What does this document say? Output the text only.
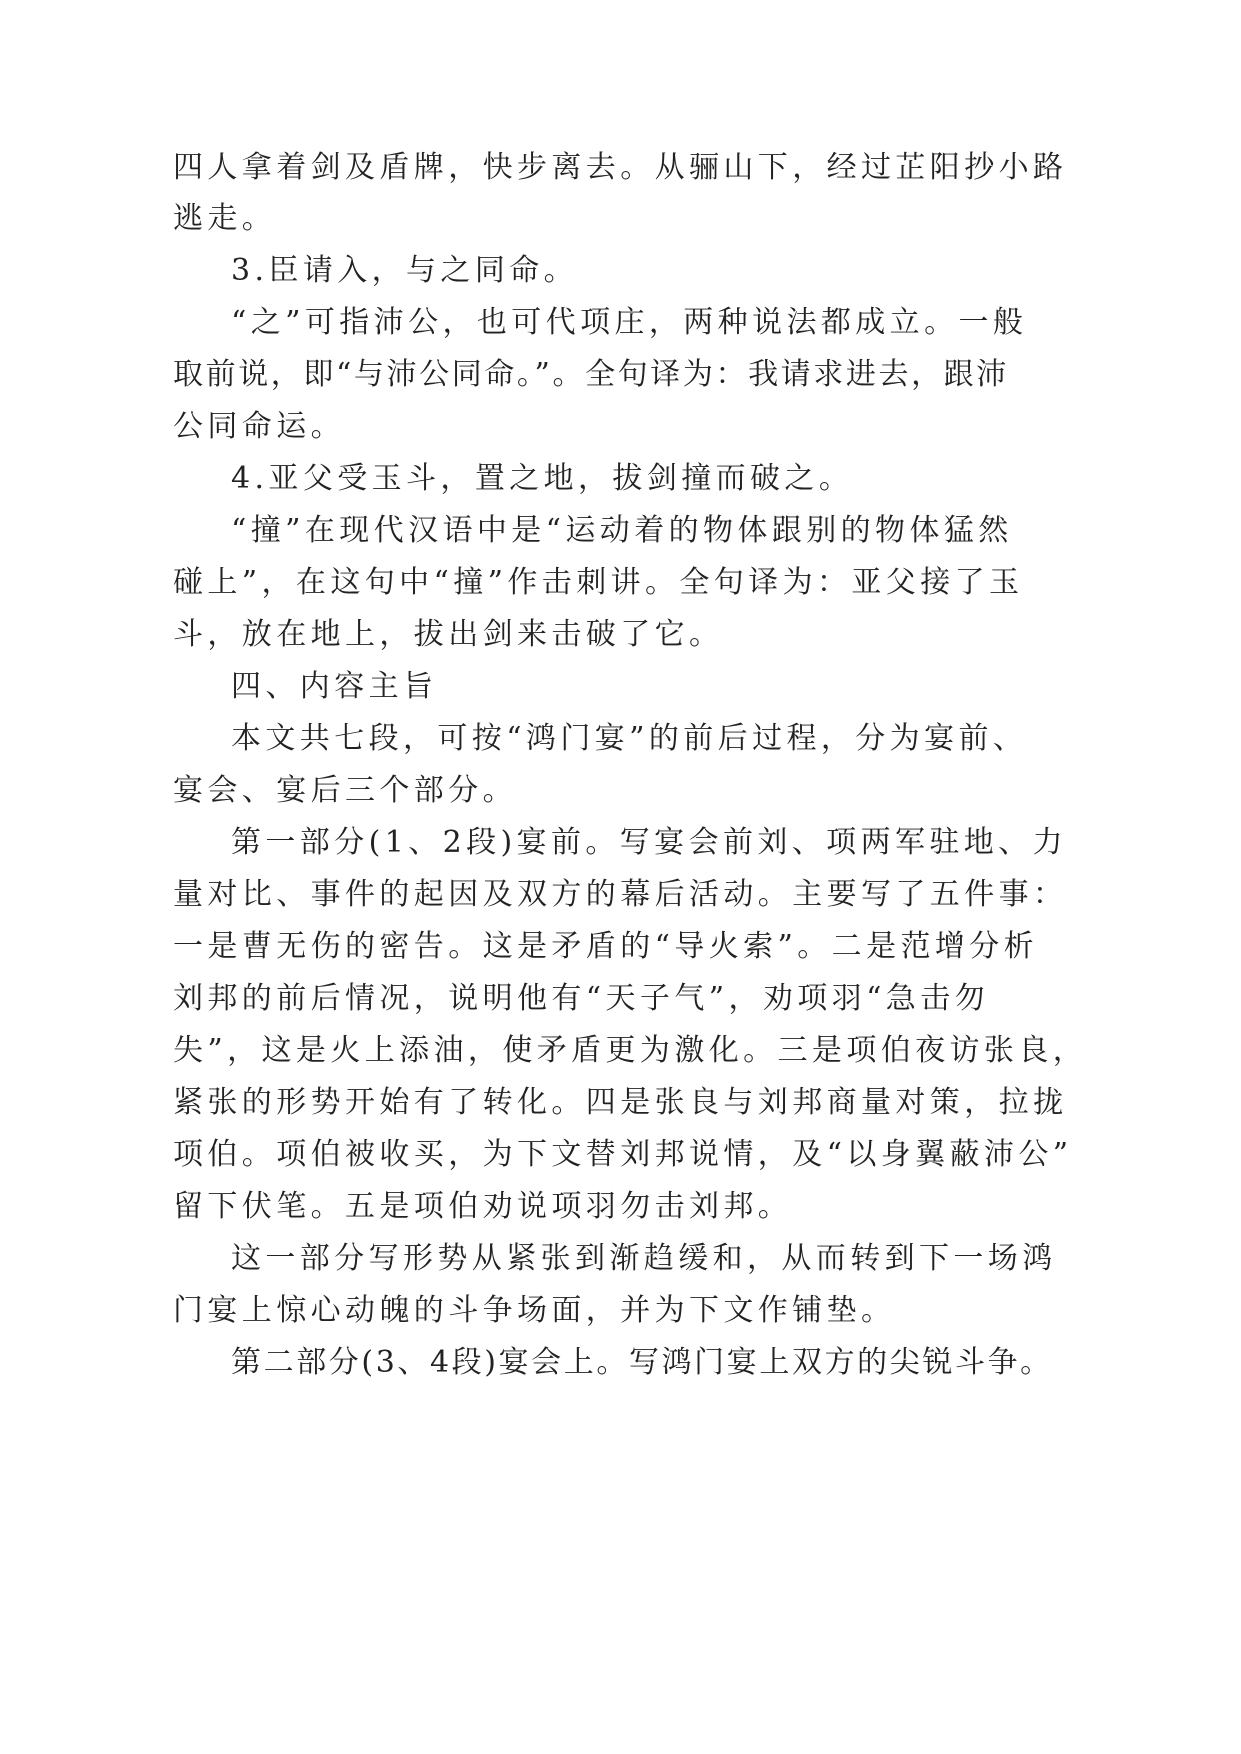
四人拿着剑及盾牌，快步离去。从骊山下，经过芷阳抄小路
逃走。
3.臣请入，与之同命。
“之”可指沛公，也可代项庄，两种说法都成立。一般
取前说，即“与沛公同命。”。全句译为：我请求进去，跟沛
公同命运。
4.亚父受玉斗，置之地，拔剑撞而破之。
“撞”在现代汉语中是“运动着的物体跟别的物体猛然
碰上”，在这句中“撞”作击刺讲。全句译为：亚父接了玉
斗，放在地上，拔出剑来击破了它。
四、内容主旨
本文共七段，可按“鸿门宴”的前后过程，分为宴前、
宴会、宴后三个部分。
第一部分(1、2段)宴前。写宴会前刘、项两军驻地、力
量对比、事件的起因及双方的幕后活动。主要写了五件事：
一是曹无伤的密告。这是矛盾的“导火索”。二是范增分析
刘邦的前后情况，说明他有“天子气”，劝项羽“急击勿
失”，这是火上添油，使矛盾更为激化。三是项伯夜访张良，
紧张的形势开始有了转化。四是张良与刘邦商量对策，拉拢
项伯。项伯被收买，为下文替刘邦说情，及“以身翼蔽沛公”
留下伏笔。五是项伯劝说项羽勿击刘邦。
这一部分写形势从紧张到渐趋缓和，从而转到下一场鸿
门宴上惊心动魄的斗争场面，并为下文作铺垫。
第二部分(3、4段)宴会上。写鸿门宴上双方的尖锐斗争。
